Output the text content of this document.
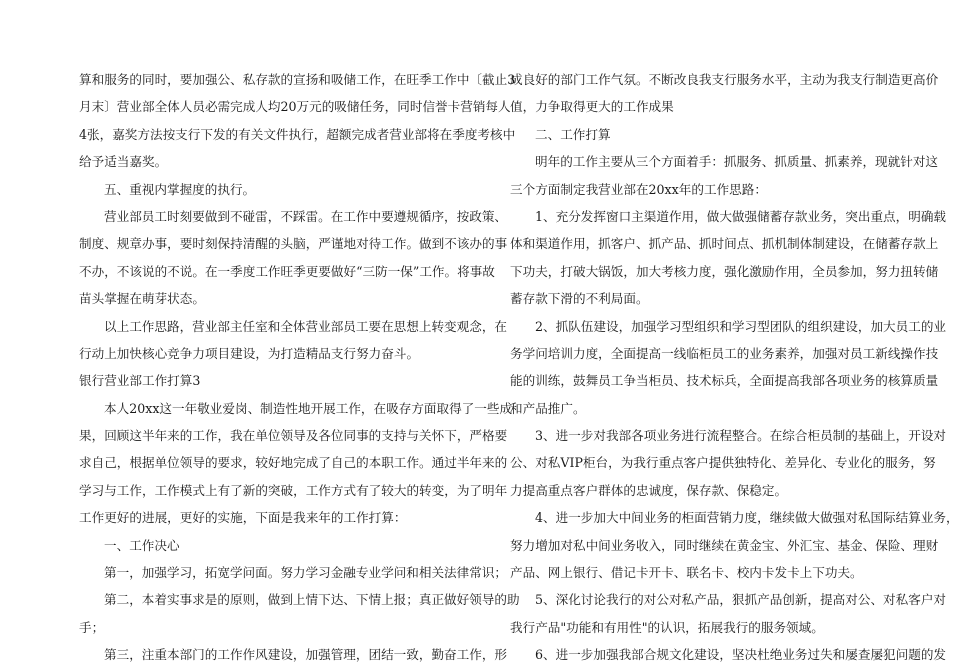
算和服务的同时，要加强公、私存款的宣扬和吸储工作，在旺季工作中〔截止3
月末〕营业部全体人员必需完成人均20万元的吸储任务，同时信誉卡营销每人
4张，嘉奖方法按支行下发的有关文件执行，超额完成者营业部将在季度考核中
给予适当嘉奖。
五、重视内掌握度的执行。
营业部员工时刻要做到不碰雷，不踩雷。在工作中要遵规循序，按政策、
制度、规章办事，要时刻保持清醒的头脑，严谨地对待工作。做到不该办的事
不办，不该说的不说。在一季度工作旺季更要做好“三防一保”工作。将事故
苗头掌握在萌芽状态。
以上工作思路，营业部主任室和全体营业部员工要在思想上转变观念，在
行动上加快核心竞争力项目建设，为打造精品支行努力奋斗。
银行营业部工作打算3
本人20xx这一年敬业爱岗、制造性地开展工作，在吸存方面取得了一些成
果，回顾这半年来的工作，我在单位领导及各位同事的支持与关怀下，严格要
求自己，根据单位领导的要求，较好地完成了自己的本职工作。通过半年来的
学习与工作，工作模式上有了新的突破，工作方式有了较大的转变，为了明年
工作更好的进展，更好的实施，下面是我来年的工作打算：
一、工作决心
第一，加强学习，拓宽学问面。努力学习金融专业学问和相关法律常识；
第二，本着实事求是的原则，做到上情下达、下情上报；真正做好领导的助
手；
第三，注重本部门的工作作风建设，加强管理，团结一致，勤奋工作，形
成良好的部门工作气氛。不断改良我支行服务水平，主动为我支行制造更高价
值，力争取得更大的工作成果
二、工作打算
明年的工作主要从三个方面着手：抓服务、抓质量、抓素养，现就针对这
三个方面制定我营业部在20xx年的工作思路：
1、充分发挥窗口主渠道作用，做大做强储蓄存款业务，突出重点，明确载
体和渠道作用，抓客户、抓产品、抓时间点、抓机制体制建设，在储蓄存款上
下功夫，打破大锅饭，加大考核力度，强化激励作用，全员参加，努力扭转储
蓄存款下滑的不利局面。
2、抓队伍建设，加强学习型组织和学习型团队的组织建设，加大员工的业
务学问培训力度，全面提高一线临柜员工的业务素养，加强对员工新线操作技
能的训练，鼓舞员工争当柜员、技术标兵，全面提高我部各项业务的核算质量
和产品推广。
3、进一步对我部各项业务进行流程整合。在综合柜员制的基础上，开设对
公、对私VIP柜台，为我行重点客户提供独特化、差异化、专业化的服务，努
力提高重点客户群体的忠诚度，保存款、保稳定。
4、进一步加大中间业务的柜面营销力度，继续做大做强对私国际结算业务，
努力增加对私中间业务收入，同时继续在黄金宝、外汇宝、基金、保险、理财
产品、网上银行、借记卡开卡、联名卡、校内卡发卡上下功夫。
5、深化讨论我行的对公对私产品，狠抓产品创新，提高对公、对私客户对
我行产品"功能和有用性"的认识，拓展我行的服务领域。
6、进一步加强我部合规文化建设，坚决杜绝业务过失和屡查屡犯问题的发
